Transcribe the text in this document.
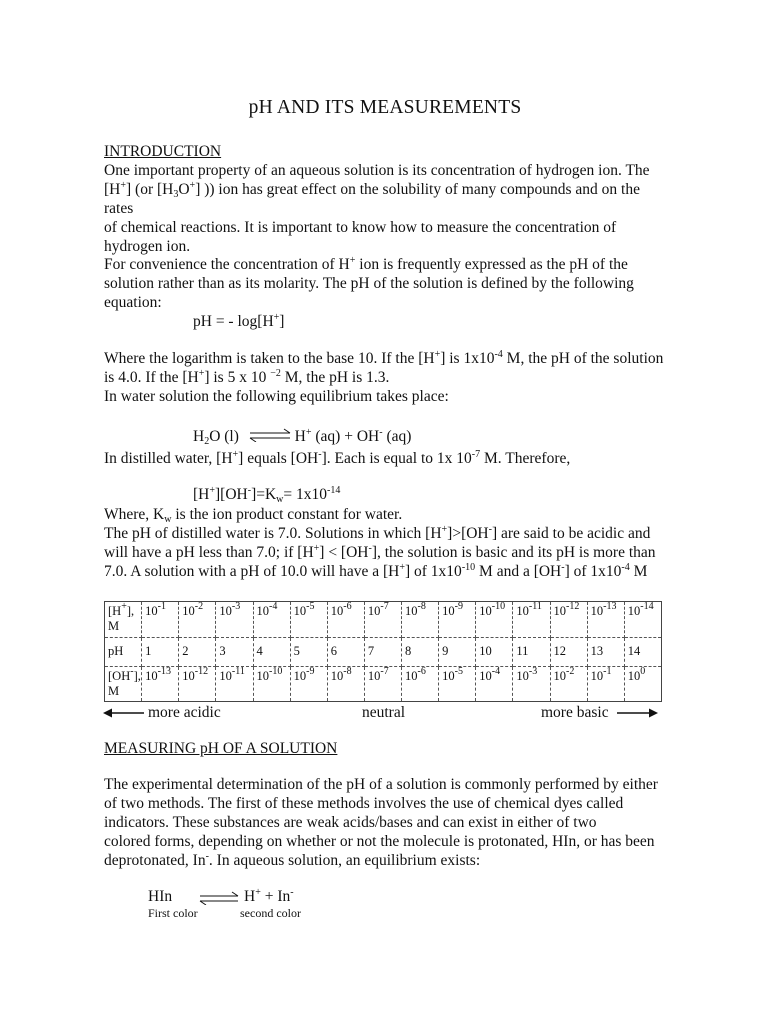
pH AND ITS MEASUREMENTS

INTRODUCTION

One important property of an aqueous solution is its concentration of hydrogen ion. The
[H+] (or $[H_3O^+]$ )) ion has great effect on the solubility of many compounds and on the rates
of chemical reactions. It is important to know how to measure the concentration of
hydrogen ion.

For convenience the concentration of H+ ion is frequently expressed as the pH of the
solution rather than as its molarity. The pH of the solution is defined by the following
equation:
pH = - log[H+]
Where the logarithm is taken to the base 10. If the [H+] is $1x10^{-4}$ M, the pH of the solution
is 4.0. If the [H+] is 5 x 10 $^{-2}$ M, the pH is 1.3.
In water solution the following equilibrium takes place:
$H_2O$ (l)	H+ (aq) + OH- (aq)
In distilled water, [H+] equals [OH-]. Each is equal to 1x $10^{-7}$ M. Therefore,
$[H^+][OH^-]=K_w= 1x10^{-14}$
Where, $K_w$ is the ion product constant for water.
The pH of distilled water is 7.0. Solutions in which [H+]>[OH-] are said to be acidic and
will have a pH less than 7.0; if [H+] < [OH-], the solution is basic and its pH is more than
7.0. A solution with a pH of 10.0 will have a [H+] of $1x10^{-10}$ M and a [OH-] of $1x10^{-4}$ M
[H+],
M	$10^{-1}$	$10^{-2}$	$10^{-3}$	$10^{-4}$	$10^{-5}$	$10^{-6}$	$10^{-7}$	$10^{-8}$	$10^{-9}$	$10^{-10}$	$10^{-11}$	$10^{-12}$	$10^{-13}$	$10^{-14}$
pH	1	2	3	4	5	6	7	8	9	10	11	12	13	14
[OH-],
M	$10^{-13}$	$10^{-12}$	$10^{-11}$	$10^{-10}$	$10^{-9}$	$10^{-8}$	$10^{-7}$	$10^{-6}$	$10^{-5}$	$10^{-4}$	$10^{-3}$	$10^{-2}$	$10^{-1}$	$10^0$
more acidic	neutral	more basic
MEASURING pH OF A SOLUTION
The experimental determination of the pH of a solution is commonly performed by either
of two methods. The first of these methods involves the use of chemical dyes called
indicators. These substances are weak acids/bases and can exist in either of two
colored forms, depending on whether or not the molecule is protonated, HIn, or has been
deprotonated, In-. In aqueous solution, an equilibrium exists:
HIn ⇌ H+ + In-
First color	second color
